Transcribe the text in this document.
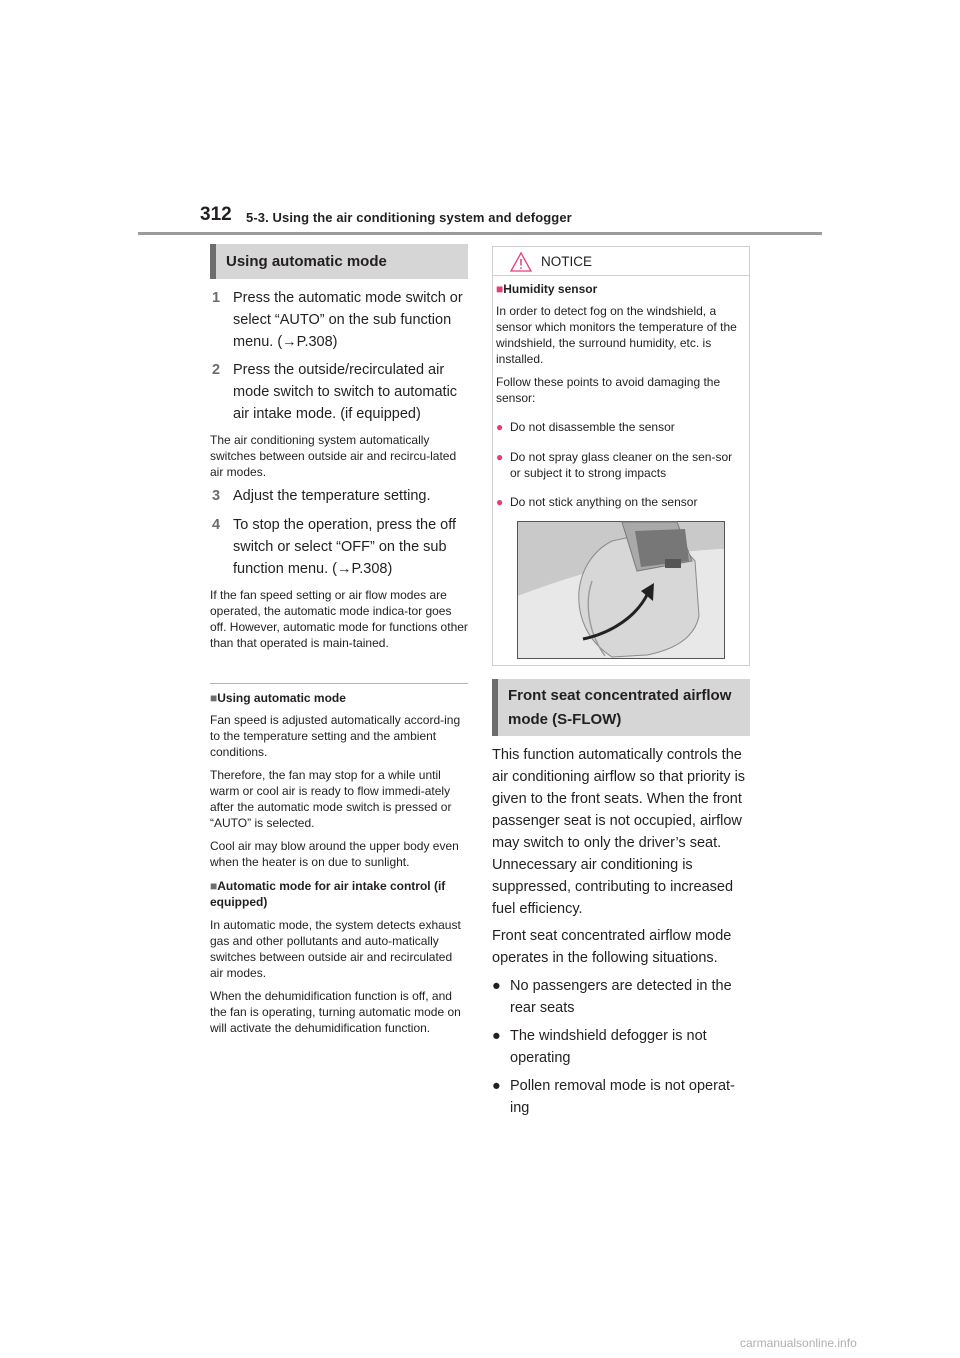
312 5-3. Using the air conditioning system and defogger
Using automatic mode
1 Press the automatic mode switch or select “AUTO” on the sub function menu. (→P.308)
2 Press the outside/recirculated air mode switch to switch to automatic air intake mode. (if equipped)
The air conditioning system automatically switches between outside air and recircu-lated air modes.
3 Adjust the temperature setting.
4 To stop the operation, press the off switch or select “OFF” on the sub function menu. (→P.308)
If the fan speed setting or air flow modes are operated, the automatic mode indica-tor goes off. However, automatic mode for functions other than that operated is main-tained.
■Using automatic mode
Fan speed is adjusted automatically accord-ing to the temperature setting and the ambient conditions.
Therefore, the fan may stop for a while until warm or cool air is ready to flow immedi-ately after the automatic mode switch is pressed or “AUTO” is selected.
Cool air may blow around the upper body even when the heater is on due to sunlight.
■Automatic mode for air intake control (if equipped)
In automatic mode, the system detects exhaust gas and other pollutants and auto-matically switches between outside air and recirculated air modes.
When the dehumidification function is off, and the fan is operating, turning automatic mode on will activate the dehumidification function.
NOTICE
■Humidity sensor
In order to detect fog on the windshield, a sensor which monitors the temperature of the windshield, the surround humidity, etc. is installed.
Follow these points to avoid damaging the sensor:
● Do not disassemble the sensor
● Do not spray glass cleaner on the sen-sor or subject it to strong impacts
● Do not stick anything on the sensor
Front seat concentrated airflow
mode (S-FLOW)
This function automatically controls the air conditioning airflow so that priority is given to the front seats. When the front passenger seat is not occupied, airflow may switch to only the driver’s seat. Unnecessary air conditioning is suppressed, contributing to increased fuel efficiency.
Front seat concentrated airflow mode operates in the following situations.
● No passengers are detected in the rear seats
● The windshield defogger is not operating
● Pollen removal mode is not operat-ing
carmanualsonline.info
